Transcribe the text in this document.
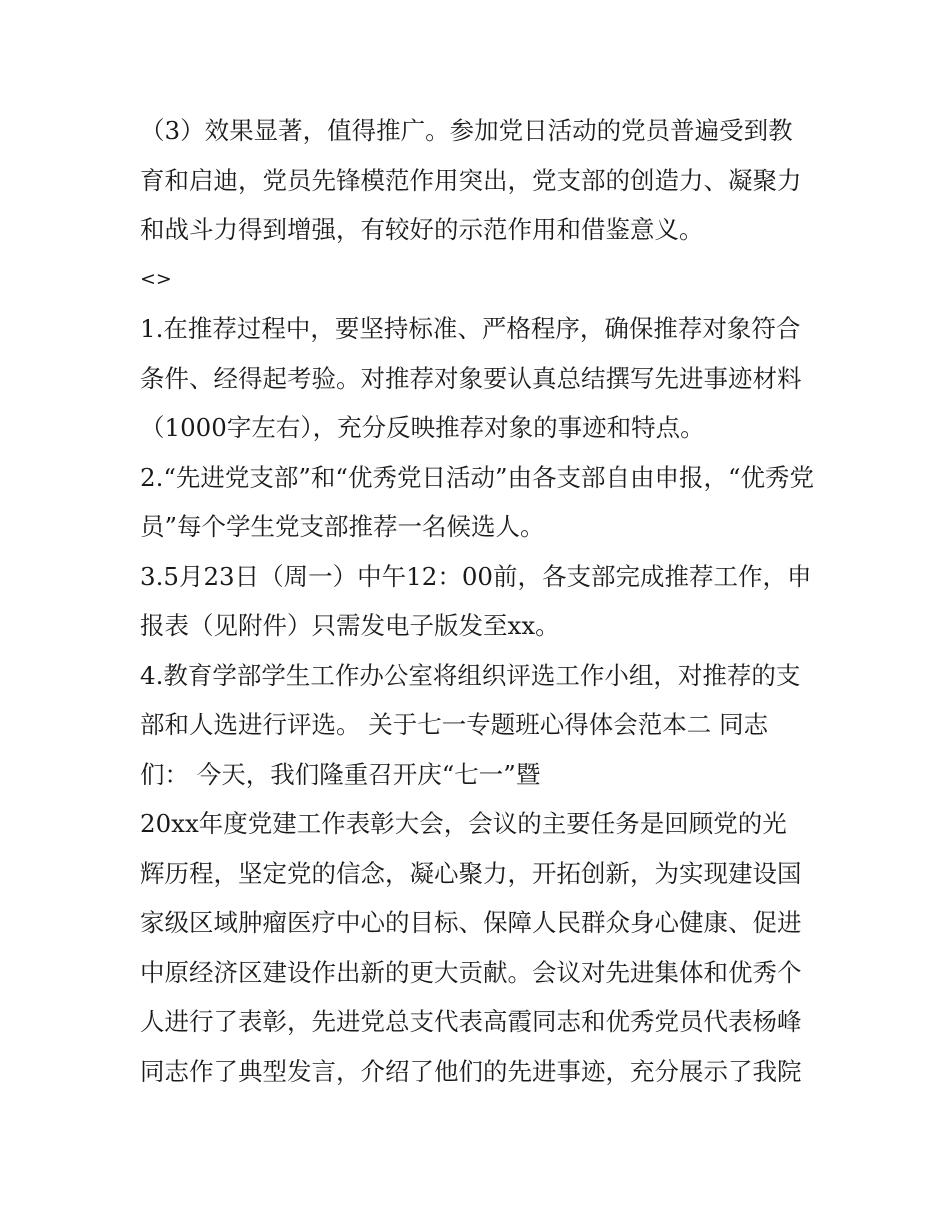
（3）效果显著，值得推广。参加党日活动的党员普遍受到教
育和启迪，党员先锋模范作用突出，党支部的创造力、凝聚力
和战斗力得到增强，有较好的示范作用和借鉴意义。
<>
1.在推荐过程中，要坚持标准、严格程序，确保推荐对象符合
条件、经得起考验。对推荐对象要认真总结撰写先进事迹材料
（1000字左右），充分反映推荐对象的事迹和特点。
2.“先进党支部”和“优秀党日活动”由各支部自由申报，“优秀党
员”每个学生党支部推荐一名候选人。
3.5月23日（周一）中午12：00前，各支部完成推荐工作，申
报表（见附件）只需发电子版发至xx。
4.教育学部学生工作办公室将组织评选工作小组，对推荐的支
部和人选进行评选。 关于七一专题班心得体会范本二 同志
们： 今天，我们隆重召开庆“七一”暨
20xx年度党建工作表彰大会，会议的主要任务是回顾党的光
辉历程，坚定党的信念，凝心聚力，开拓创新，为实现建设国
家级区域肿瘤医疗中心的目标、保障人民群众身心健康、促进
中原经济区建设作出新的更大贡献。会议对先进集体和优秀个
人进行了表彰，先进党总支代表高霞同志和优秀党员代表杨峰
同志作了典型发言，介绍了他们的先进事迹，充分展示了我院
